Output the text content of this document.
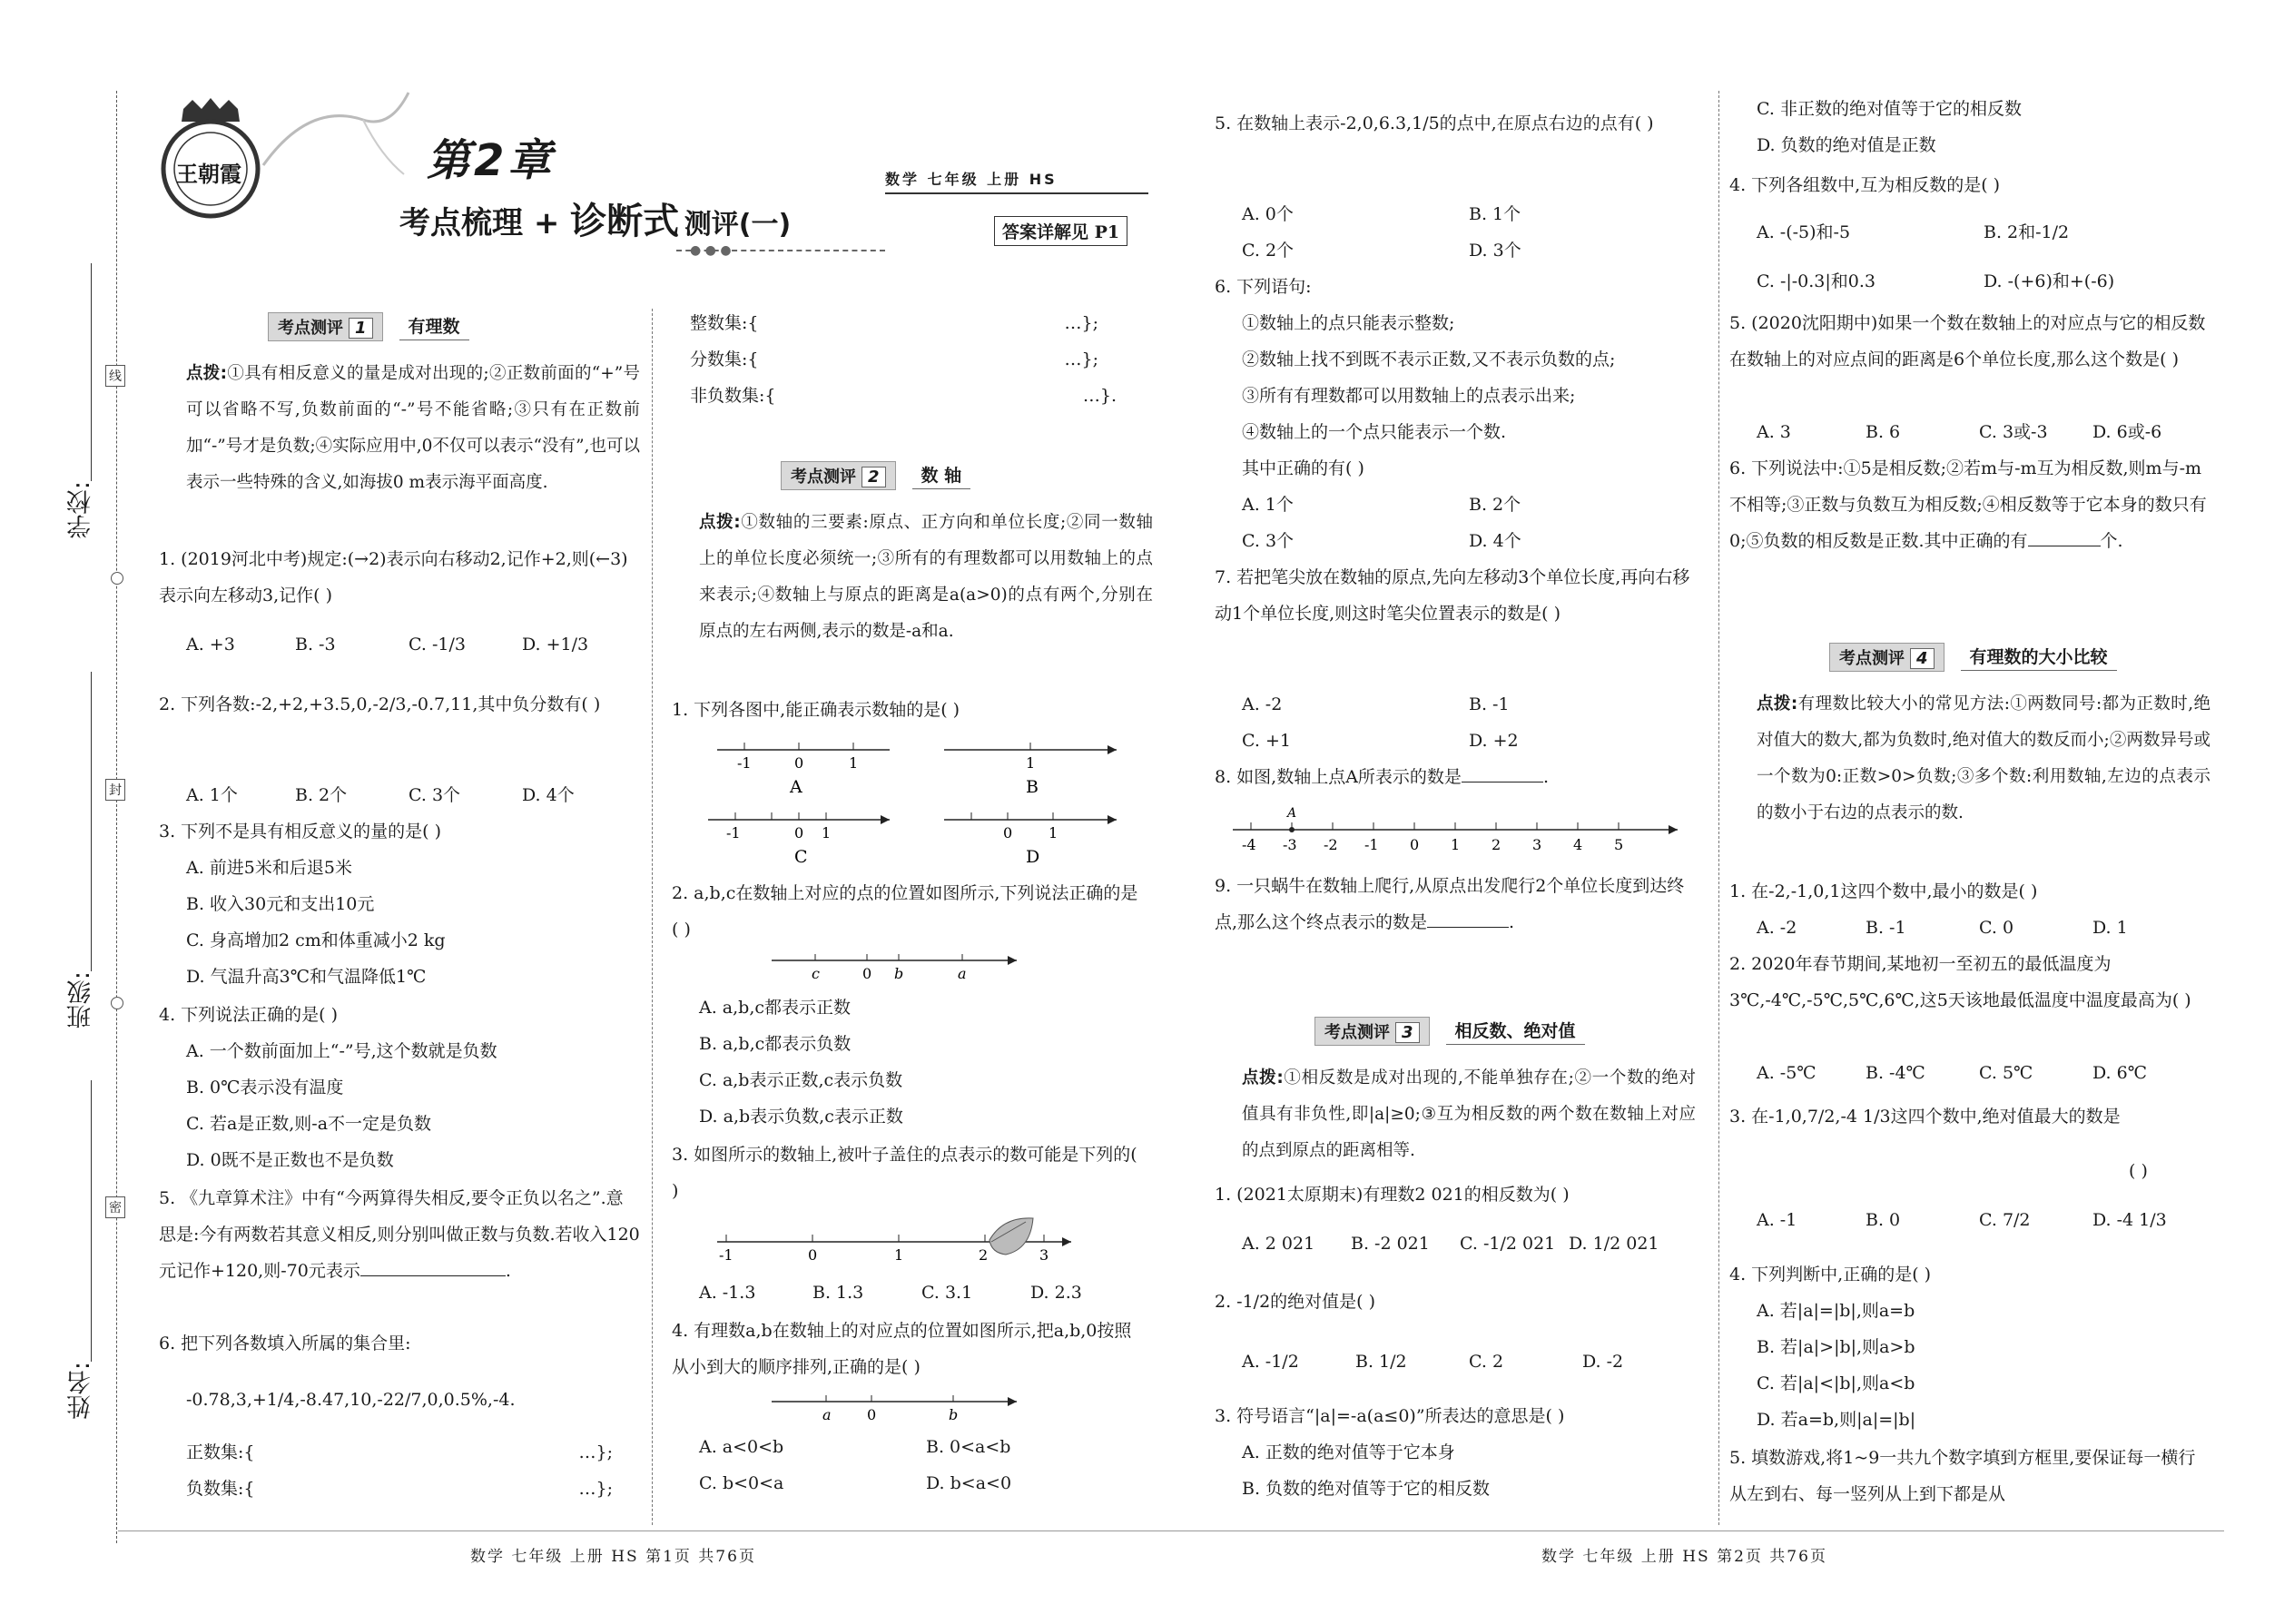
学校:
班级:
姓名:
线
封
密
王朝霞	第2章
考点梳理 + 诊断式 测评(一)
● ● ●
数学 七年级 上册 HS
答案详解见 P1
考点测评 1	有理数
点拨:①具有相反意义的量是成对出现的;②正数前面的“+”号可以省略不写,负数前面的“-”号不能省略;③只有在正数前加“-”号才是负数;④实际应用中,0不仅可以表示“没有”,也可以表示一些特殊的含义,如海拔0 m表示海平面高度.
1. (2019河北中考)规定:(→2)表示向右移动2,记作+2,则(←3)表示向左移动3,记作( )
A. +3	B. -3	C. -1/3	D. +1/3
2. 下列各数:-2,+2,+3.5,0,-2/3,-0.7,11,其中负分数有( )
A. 1个	B. 2个	C. 3个	D. 4个
3. 下列不是具有相反意义的量的是( )
A. 前进5米和后退5米
B. 收入30元和支出10元
C. 身高增加2 cm和体重减小2 kg
D. 气温升高3℃和气温降低1℃
4. 下列说法正确的是( )
A. 一个数前面加上“-”号,这个数就是负数
B. 0℃表示没有温度
C. 若a是正数,则-a不一定是负数
D. 0既不是正数也不是负数
5. 《九章算术注》中有“今两算得失相反,要令正负以名之”.意思是:今有两数若其意义相反,则分别叫做正数与负数.若收入120元记作+120,则-70元表示	.
6. 把下列各数填入所属的集合里:
-0.78,3,+1/4,-8.47,10,-22/7,0,0.5%,-4.
正数集:{	…};
负数集:{	…};
整数集:{	…};
分数集:{	…};
非负数集:{	…}.
考点测评 2	数 轴
点拨:①数轴的三要素:原点、正方向和单位长度;②同一数轴上的单位长度必须统一;③所有的有理数都可以用数轴上的点来表示;④数轴上与原点的距离是a(a>0)的点有两个,分别在原点的左右两侧,表示的数是-a和a.
1. 下列各图中,能正确表示数轴的是( )
-1	0	1
A
1
B
-1	0 1
C
0 1
D
2. a,b,c在数轴上对应的点的位置如图所示,下列说法正确的是( )
c	0 b	a
A. a,b,c都表示正数
B. a,b,c都表示负数
C. a,b表示正数,c表示负数
D. a,b表示负数,c表示正数
3. 如图所示的数轴上,被叶子盖住的点表示的数可能是下列的( )
-1	0	1	2	3
A. -1.3	B. 1.3	C. 3.1	D. 2.3
4. 有理数a,b在数轴上的对应点的位置如图所示,把a,b,0按照从小到大的顺序排列,正确的是( )
a 0	b
A. a<0<b	B. 0<a<b
C. b<0<a	D. b<a<0
5. 在数轴上表示-2,0,6.3,1/5的点中,在原点右边的点有( )
A. 0个	B. 1个
C. 2个	D. 3个
6. 下列语句:
①数轴上的点只能表示整数;
②数轴上找不到既不表示正数,又不表示负数的点;
③所有有理数都可以用数轴上的点表示出来;
④数轴上的一个点只能表示一个数.
其中正确的有( )
A. 1个	B. 2个
C. 3个	D. 4个
7. 若把笔尖放在数轴的原点,先向左移动3个单位长度,再向右移动1个单位长度,则这时笔尖位置表示的数是( )
A. -2	B. -1
C. +1	D. +2
8. 如图,数轴上点A所表示的数是	.
A
-4 -3 -2 -1 0 1 2 3 4 5
9. 一只蜗牛在数轴上爬行,从原点出发爬行2个单位长度到达终点,那么这个终点表示的数是	.
考点测评 3	相反数、绝对值
点拨:①相反数是成对出现的,不能单独存在;②一个数的绝对值具有非负性,即|a|≥0;③互为相反数的两个数在数轴上对应的点到原点的距离相等.
1. (2021太原期末)有理数2 021的相反数为( )
A. 2 021	B. -2 021	C. -1/2 021 D. 1/2 021
2. -1/2的绝对值是( )
A. -1/2	B. 1/2	C. 2	D. -2
3. 符号语言“|a|=-a(a≤0)”所表达的意思是( )
A. 正数的绝对值等于它本身
B. 负数的绝对值等于它的相反数
C. 非正数的绝对值等于它的相反数
D. 负数的绝对值是正数
4. 下列各组数中,互为相反数的是( )
A. -(-5)和-5	B. 2和-1/2
C. -|-0.3|和0.3	D. -(+6)和+(-6)
5. (2020沈阳期中)如果一个数在数轴上的对应点与它的相反数在数轴上的对应点间的距离是6个单位长度,那么这个数是( )
A. 3	B. 6	C. 3或-3	D. 6或-6
6. 下列说法中:①5是相反数;②若m与-m互为相反数,则m与-m不相等;③正数与负数互为相反数;④相反数等于它本身的数只有0;⑤负数的相反数是正数.其中正确的有	个.
考点测评 4	有理数的大小比较
点拨:有理数比较大小的常见方法:①两数同号:都为正数时,绝对值大的数大,都为负数时,绝对值大的数反而小;②两数异号或一个数为0:正数>0>负数;③多个数:利用数轴,左边的点表示的数小于右边的点表示的数.
1. 在-2,-1,0,1这四个数中,最小的数是( )
A. -2	B. -1	C. 0	D. 1
2. 2020年春节期间,某地初一至初五的最低温度为3℃,-4℃,-5℃,5℃,6℃,这5天该地最低温度中温度最高为( )
A. -5℃	B. -4℃	C. 5℃	D. 6℃
3. 在-1,0,7/2,-4 1/3这四个数中,绝对值最大的数是
( )
A. -1	B. 0	C. 7/2	D. -4 1/3
4. 下列判断中,正确的是( )
A. 若|a|=|b|,则a=b
B. 若|a|>|b|,则a>b
C. 若|a|<|b|,则a<b
D. 若a=b,则|a|=|b|
5. 填数游戏,将1~9一共九个数字填到方框里,要保证每一横行从左到右、每一竖列从上到下都是从
数学 七年级 上册 HS 第1页 共76页	数学 七年级 上册 HS 第2页 共76页
